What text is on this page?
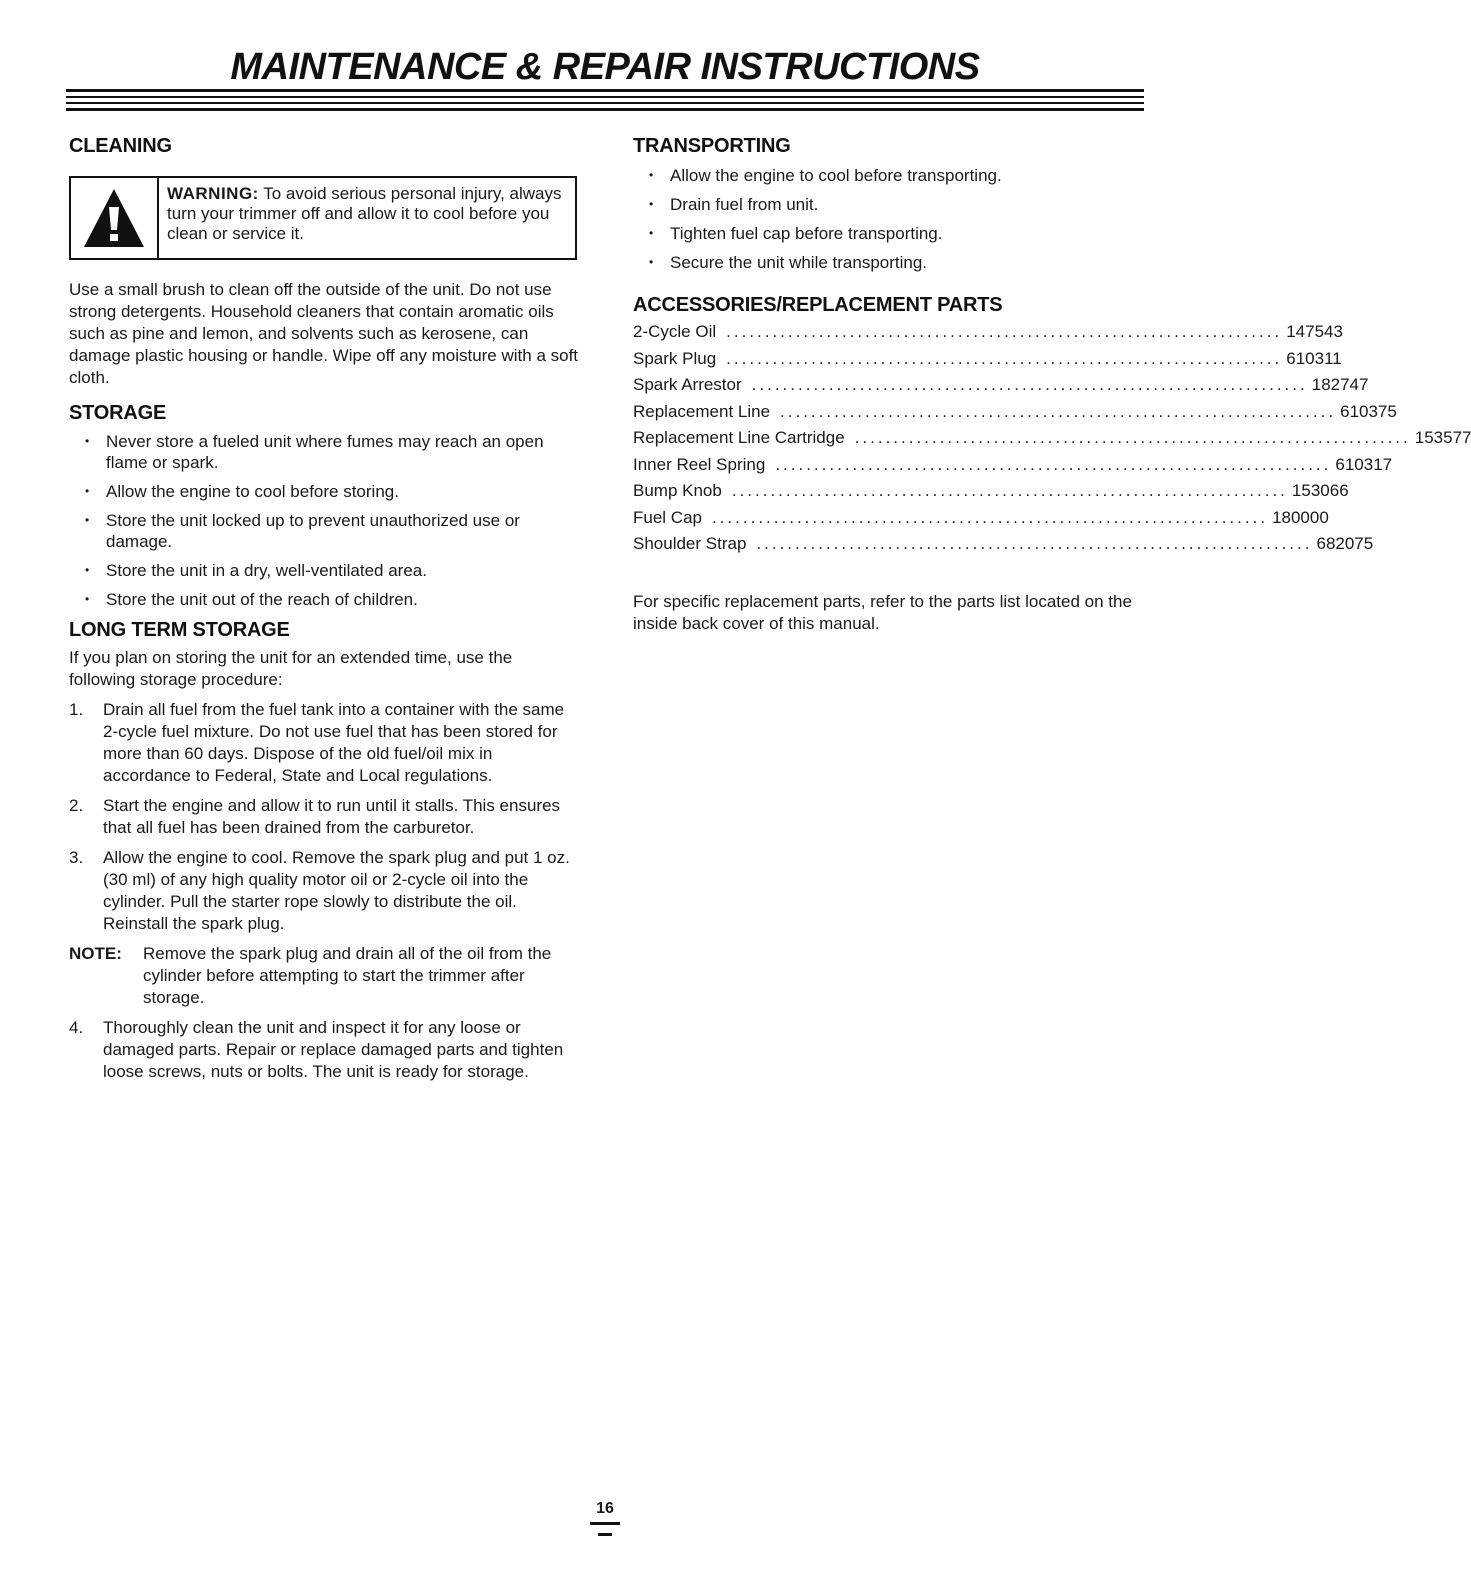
MAINTENANCE & REPAIR INSTRUCTIONS
CLEANING
WARNING: To avoid serious personal injury, always turn your trimmer off and allow it to cool before you clean or service it.

Use a small brush to clean off the outside of the unit. Do not use strong detergents. Household cleaners that contain aromatic oils such as pine and lemon, and solvents such as kerosene, can damage plastic housing or handle. Wipe off any moisture with a soft cloth.

STORAGE
• Never store a fueled unit where fumes may reach an open flame or spark.
• Allow the engine to cool before storing.
• Store the unit locked up to prevent unauthorized use or damage.
• Store the unit in a dry, well-ventilated area.
• Store the unit out of the reach of children.
LONG TERM STORAGE

If you plan on storing the unit for an extended time, use the following storage procedure:

1.	Drain all fuel from the fuel tank into a container with the same 2-cycle fuel mixture. Do not use fuel that has been stored for more than 60 days. Dispose of the old fuel/oil mix in accordance to Federal, State and Local regulations.
2.	Start the engine and allow it to run until it stalls. This ensures that all fuel has been drained from the carburetor.
3.	Allow the engine to cool. Remove the spark plug and put 1 oz. (30 ml) of any high quality motor oil or 2-cycle oil into the cylinder. Pull the starter rope slowly to distribute the oil. Reinstall the spark plug.
NOTE:	Remove the spark plug and drain all of the oil from the cylinder before attempting to start the trimmer after storage.
4.	Thoroughly clean the unit and inspect it for any loose or damaged parts. Repair or replace damaged parts and tighten loose screws, nuts or bolts. The unit is ready for storage.
TRANSPORTING
• Allow the engine to cool before transporting.
• Drain fuel from unit.
• Tighten fuel cap before transporting.
• Secure the unit while transporting.
ACCESSORIES/REPLACEMENT PARTS
2-Cycle Oil ........................................................................ 147543
Spark Plug ........................................................................ 610311
Spark Arrestor ........................................................................ 182747
Replacement Line ........................................................................ 610375
Replacement Line Cartridge ........................................................................ 153577
Inner Reel Spring ........................................................................ 610317
Bump Knob ........................................................................ 153066
Fuel Cap ........................................................................ 180000
Shoulder Strap ........................................................................ 682075

For specific replacement parts, refer to the parts list located on the inside back cover of this manual.

16
